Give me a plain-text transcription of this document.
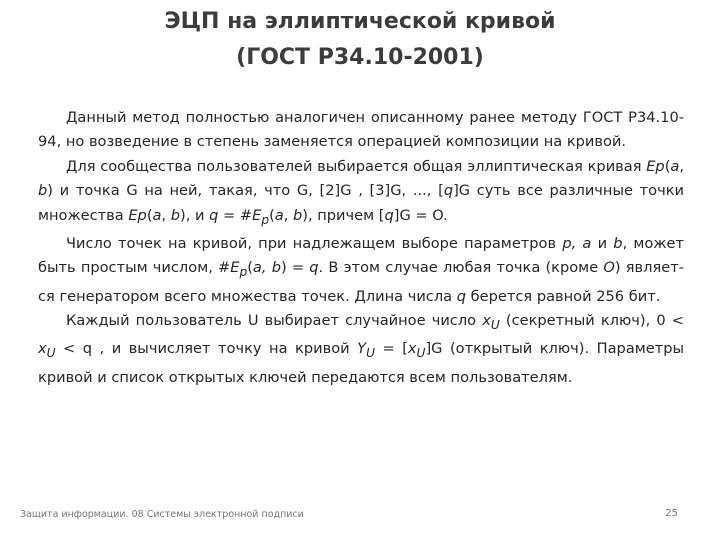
ЭЦП на эллиптической кривой
(ГОСТ Р34.10‑2001)

Данный метод полностью аналогичен описанному ранее методу ГОСТ Р34.10-94, но возведение в степень заменяется операцией композиции на кривой.

Для сообщества пользователей выбирается общая эллиптическая кривая Ep(a, b) и точка G на ней, такая, что G, [2]G , [3]G, ..., [q]G суть все различные точки множества Ep(a, b), и $q = \#E_p(a$, b), причем [q]G = O.

Число точек на кривой, при надлежащем выборе параметров p, a и b, может быть простым числом, $\#E_p(a$, b) = q. В этом случае любая точка (кроме O) являет-ся генератором всего множества точек. Длина числа q берется равной 256 бит.

Каждый пользователь U выбирает случайное число $x_U$ (секретный ключ), $0 < x_U < q$ , и вычисляет точку на кривой $Y_U = [x_U]G$ (открытый ключ). Параметры кривой и список открытых ключей передаются всем пользователям.

Защита информации. 08 Системы электронной подписи	25
